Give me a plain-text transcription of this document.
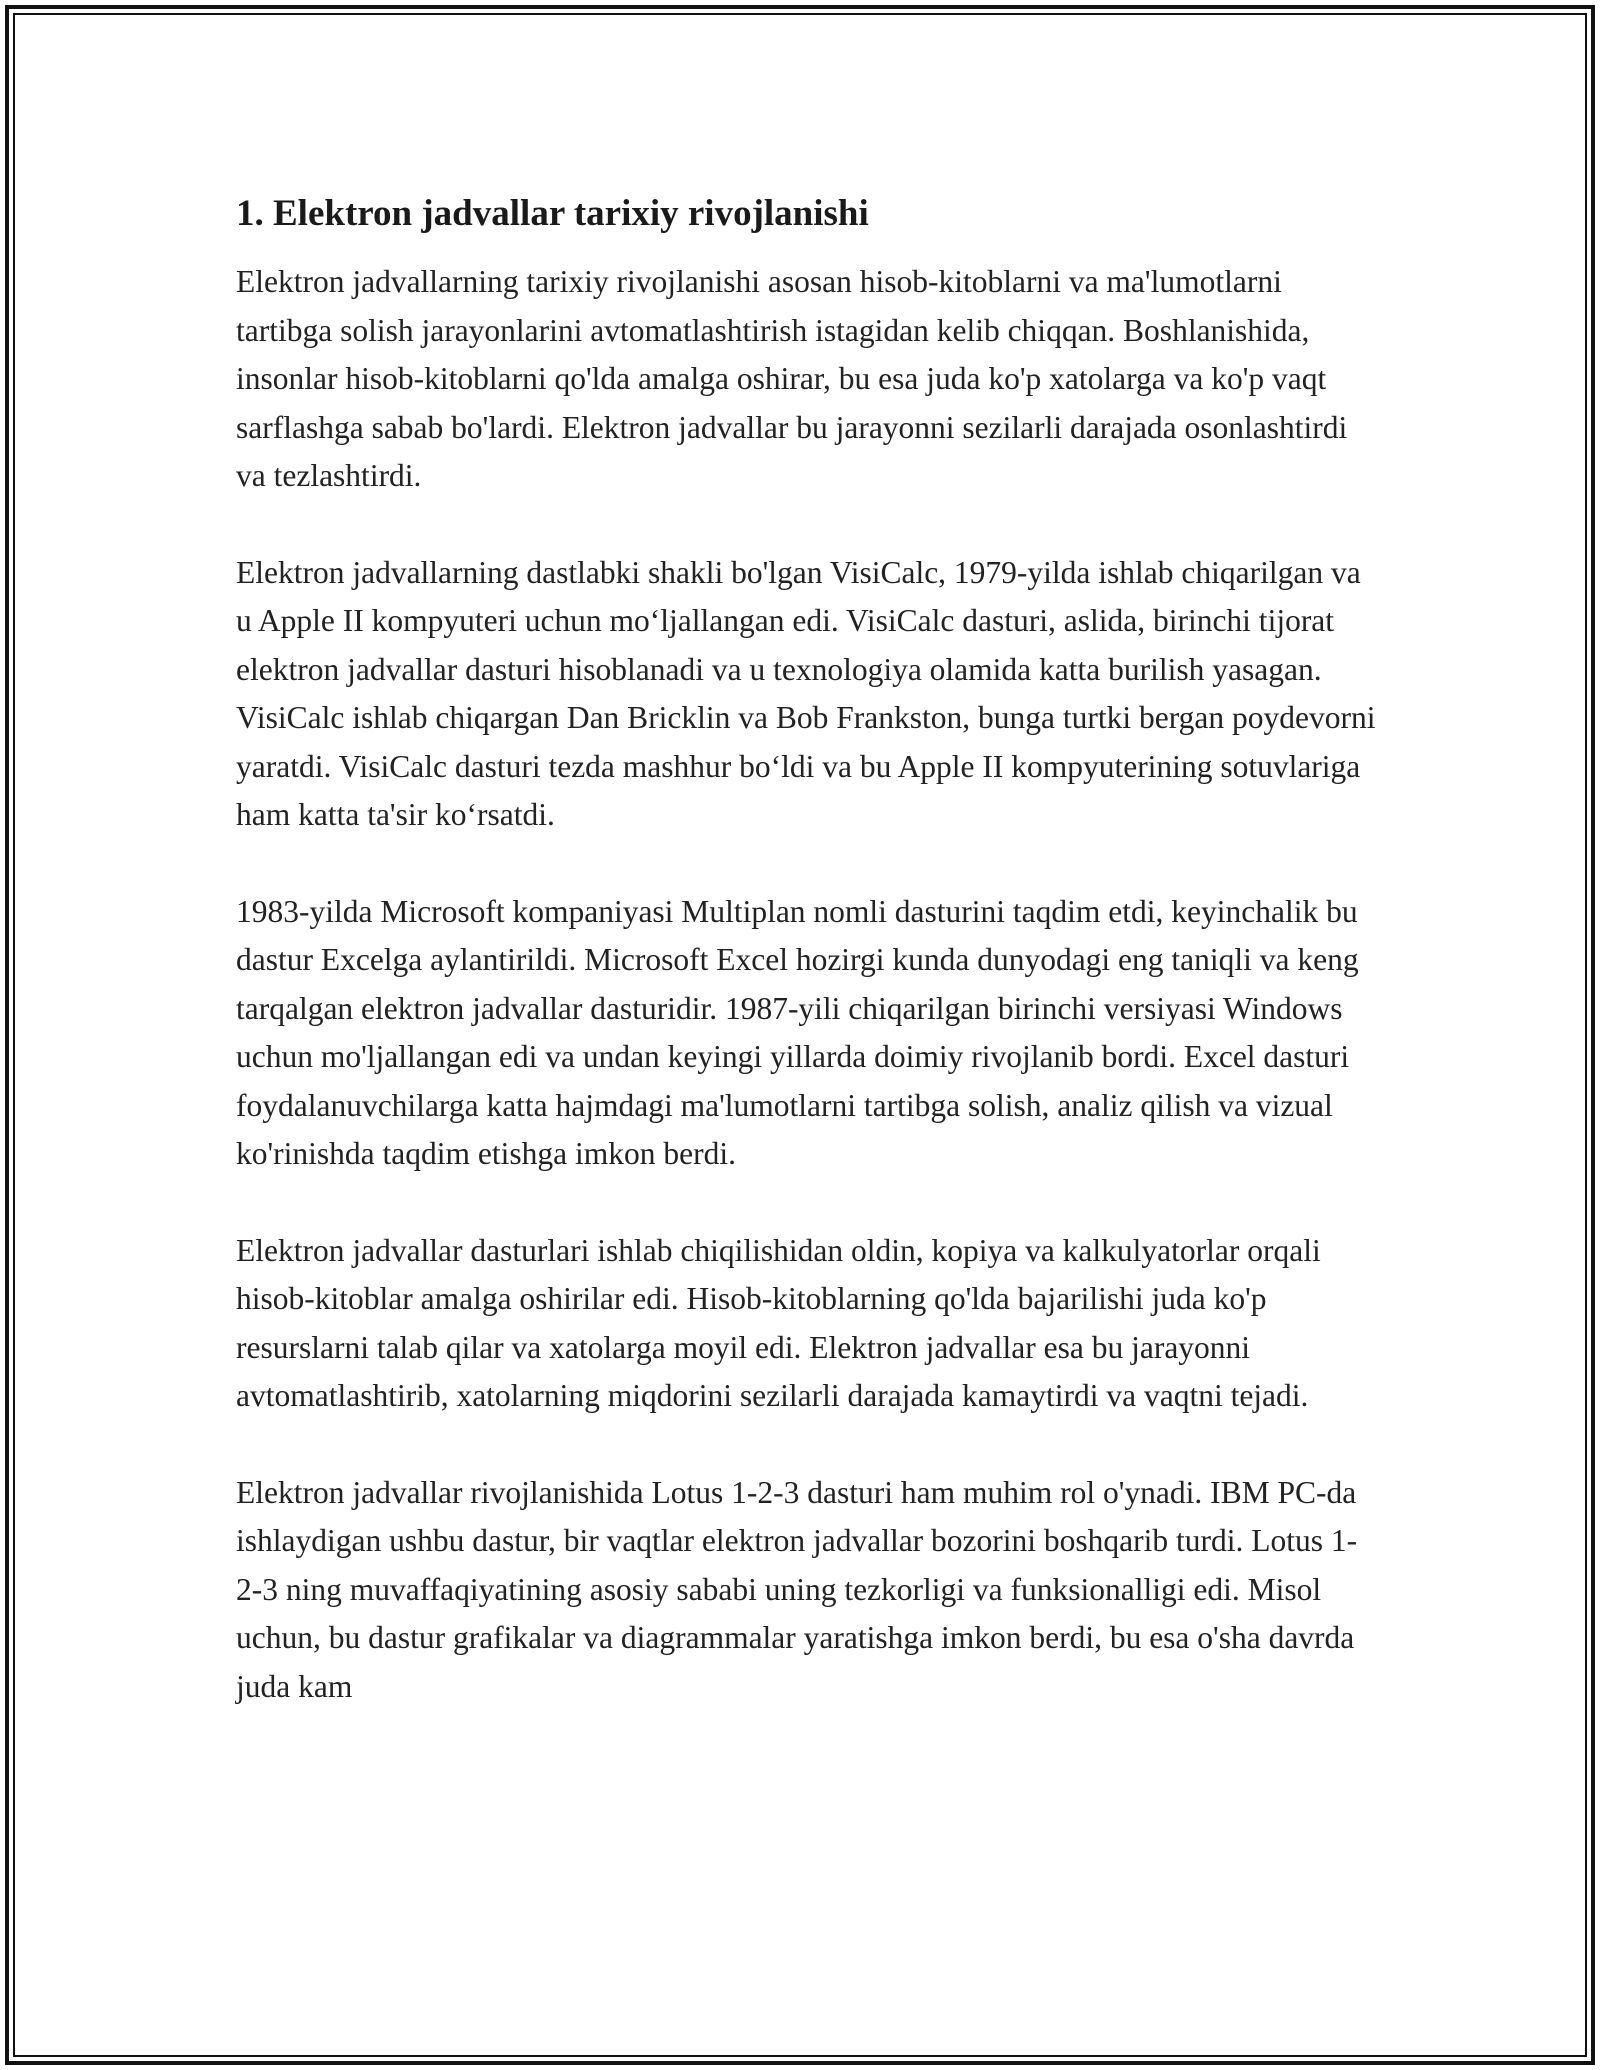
1. Elektron jadvallar tarixiy rivojlanishi

Elektron jadvallarning tarixiy rivojlanishi asosan hisob-kitoblarni va ma'lumotlarni tartibga solish jarayonlarini avtomatlashtirish istagidan kelib chiqqan. Boshlanishida, insonlar hisob-kitoblarni qo'lda amalga oshirar, bu esa juda ko'p xatolarga va ko'p vaqt sarflashga sabab bo'lardi. Elektron jadvallar bu jarayonni sezilarli darajada osonlashtirdi va tezlashtirdi.

Elektron jadvallarning dastlabki shakli bo'lgan VisiCalc, 1979-yilda ishlab chiqarilgan va u Apple II kompyuteri uchun moʻljallangan edi. VisiCalc dasturi, aslida, birinchi tijorat elektron jadvallar dasturi hisoblanadi va u texnologiya olamida katta burilish yasagan. VisiCalc ishlab chiqargan Dan Bricklin va Bob Frankston, bunga turtki bergan poydevorni yaratdi. VisiCalc dasturi tezda mashhur boʻldi va bu Apple II kompyuterining sotuvlariga ham katta ta'sir koʻrsatdi.

1983-yilda Microsoft kompaniyasi Multiplan nomli dasturini taqdim etdi, keyinchalik bu dastur Excelga aylantirildi. Microsoft Excel hozirgi kunda dunyodagi eng taniqli va keng tarqalgan elektron jadvallar dasturidir. 1987-yili chiqarilgan birinchi versiyasi Windows uchun mo'ljallangan edi va undan keyingi yillarda doimiy rivojlanib bordi. Excel dasturi foydalanuvchilarga katta hajmdagi ma'lumotlarni tartibga solish, analiz qilish va vizual ko'rinishda taqdim etishga imkon berdi.

Elektron jadvallar dasturlari ishlab chiqilishidan oldin, kopiya va kalkulyatorlar orqali hisob-kitoblar amalga oshirilar edi. Hisob-kitoblarning qo'lda bajarilishi juda ko'p resurslarni talab qilar va xatolarga moyil edi. Elektron jadvallar esa bu jarayonni avtomatlashtirib, xatolarning miqdorini sezilarli darajada kamaytirdi va vaqtni tejadi.

Elektron jadvallar rivojlanishida Lotus 1-2-3 dasturi ham muhim rol o'ynadi. IBM PC-da ishlaydigan ushbu dastur, bir vaqtlar elektron jadvallar bozorini boshqarib turdi. Lotus 1-2-3 ning muvaffaqiyatining asosiy sababi uning tezkorligi va funksionalligi edi. Misol uchun, bu dastur grafikalar va diagrammalar yaratishga imkon berdi, bu esa o'sha davrda juda kam
